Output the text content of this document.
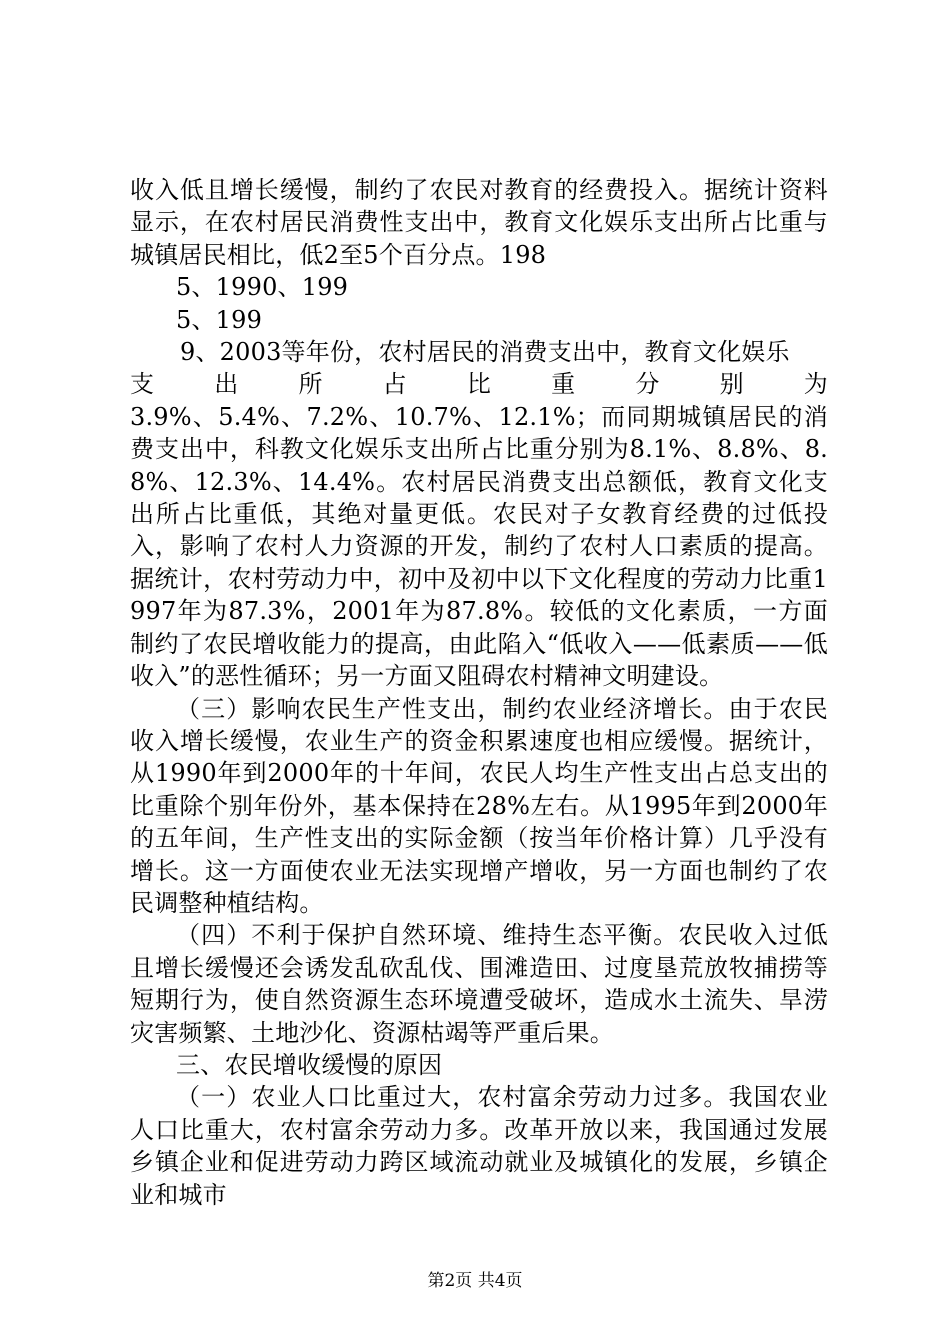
收入低且增长缓慢，制约了农民对教育的经费投入。据统计资料显示，在农村居民消费性支出中，教育文化娱乐支出所占比重与城镇居民相比，低2至5个百分点。198

5、1990、199

5、199

9、2003等年份，农村居民的消费支出中，教育文化娱乐

支出所占比重分别为

3.9%、5.4%、7.2%、10.7%、12.1%；而同期城镇居民的消费支出中，科教文化娱乐支出所占比重分别为8.1%、8.8%、8.8%、12.3%、14.4%。农村居民消费支出总额低，教育文化支出所占比重低，其绝对量更低。农民对子女教育经费的过低投入，影响了农村人力资源的开发，制约了农村人口素质的提高。据统计，农村劳动力中，初中及初中以下文化程度的劳动力比重1997年为87.3%，2001年为87.8%。较低的文化素质，一方面制约了农民增收能力的提高，由此陷入“低收入——低素质——低收入”的恶性循环；另一方面又阻碍农村精神文明建设。

（三）影响农民生产性支出，制约农业经济增长。由于农民收入增长缓慢，农业生产的资金积累速度也相应缓慢。据统计，从1990年到2000年的十年间，农民人均生产性支出占总支出的比重除个别年份外，基本保持在28%左右。从1995年到2000年的五年间，生产性支出的实际金额（按当年价格计算）几乎没有增长。这一方面使农业无法实现增产增收，另一方面也制约了农民调整种植结构。

（四）不利于保护自然环境、维持生态平衡。农民收入过低且增长缓慢还会诱发乱砍乱伐、围滩造田、过度垦荒放牧捕捞等短期行为，使自然资源生态环境遭受破坏，造成水土流失、旱涝灾害频繁、土地沙化、资源枯竭等严重后果。

三、农民增收缓慢的原因

（一）农业人口比重过大，农村富余劳动力过多。我国农业人口比重大，农村富余劳动力多。改革开放以来，我国通过发展乡镇企业和促进劳动力跨区域流动就业及城镇化的发展，乡镇企业和城市

第2页 共4页
